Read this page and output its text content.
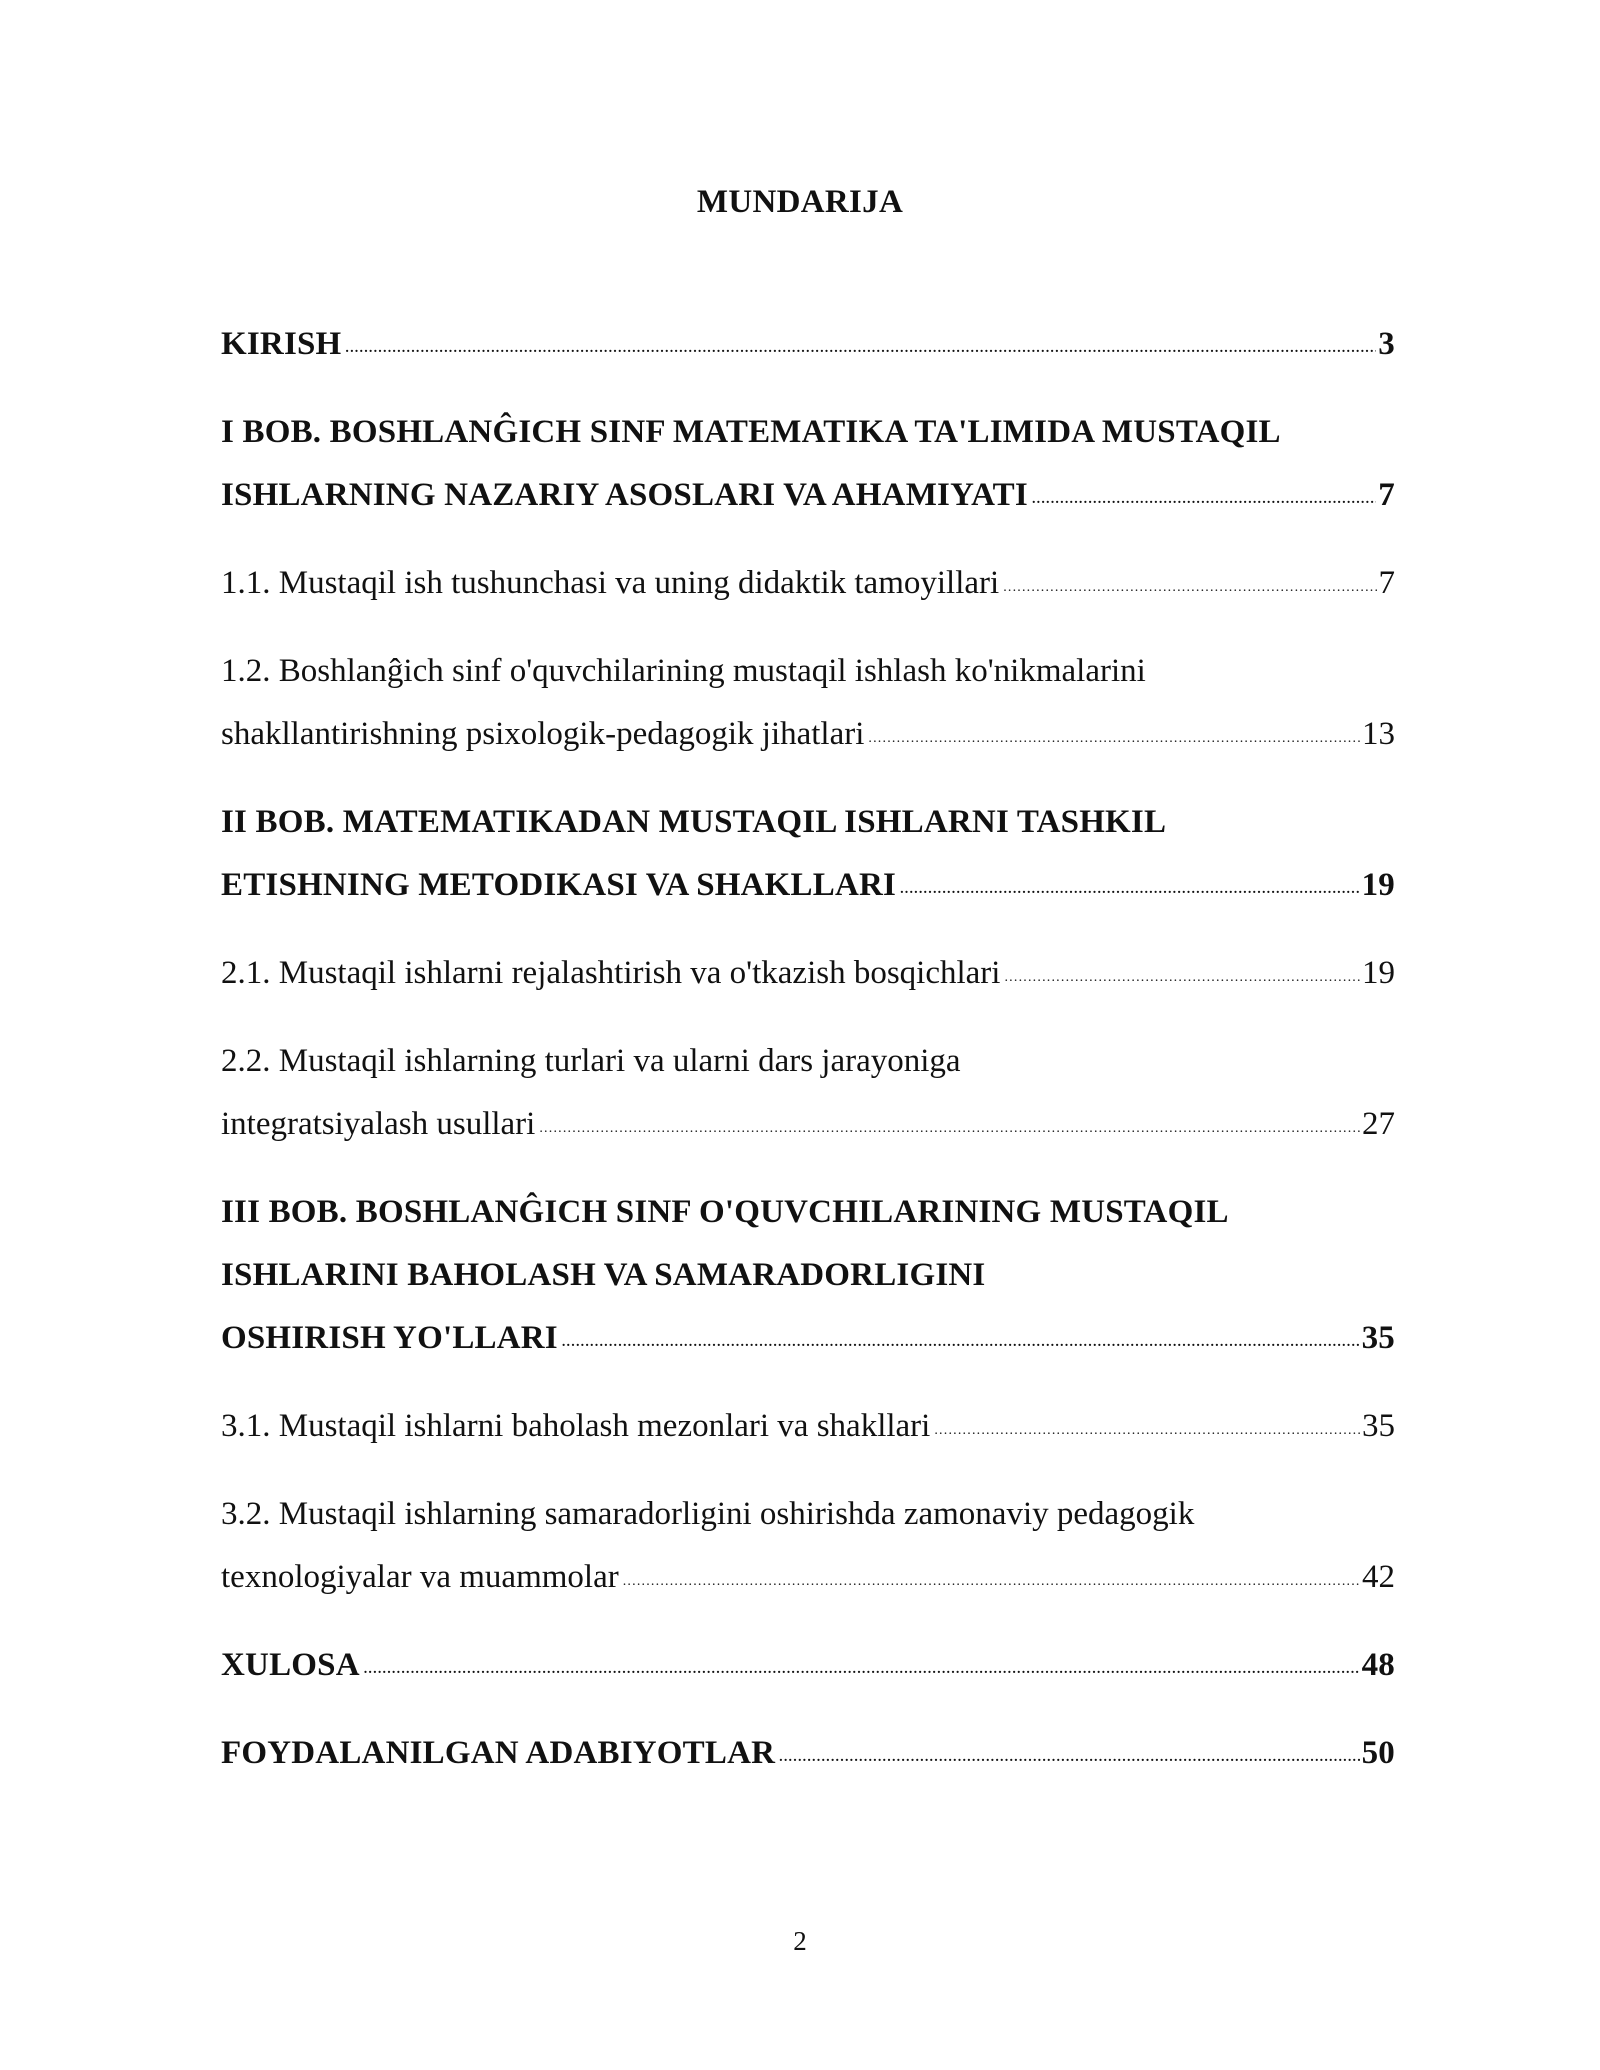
MUNDARIJA
KIRISH .....	3
I BOB. BOSHLANĜICH SINF MATEMATIKA TA'LIMIDA MUSTAQIL
ISHLARNING NAZARIY ASOSLARI VA AHAMIYATI .....	7
1.1. Mustaqil ish tushunchasi va uning didaktik tamoyillari .....	7
1.2. Boshlanĝich sinf o'quvchilarining mustaqil ishlash ko'nikmalarini
shakllantirishning psixologik-pedagogik jihatlari .....	13
II BOB. MATEMATIKADAN MUSTAQIL ISHLARNI TASHKIL
ETISHNING METODIKASI VA SHAKLLARI .....	19
2.1. Mustaqil ishlarni rejalashtirish va o'tkazish bosqichlari .....	19
2.2. Mustaqil ishlarning turlari va ularni dars jarayoniga
integratsiyalash usullari .....	27
III BOB. BOSHLANĜICH SINF O'QUVCHILARINING MUSTAQIL
ISHLARINI BAHOLASH VA SAMARADORLIGINI
OSHIRISH YO'LLARI .....	35
3.1. Mustaqil ishlarni baholash mezonlari va shakllari .....	35
3.2. Mustaqil ishlarning samaradorligini oshirishda zamonaviy pedagogik
texnologiyalar va muammolar .....	42
XULOSA .....	48
FOYDALANILGAN ADABIYOTLAR .....	50
2
